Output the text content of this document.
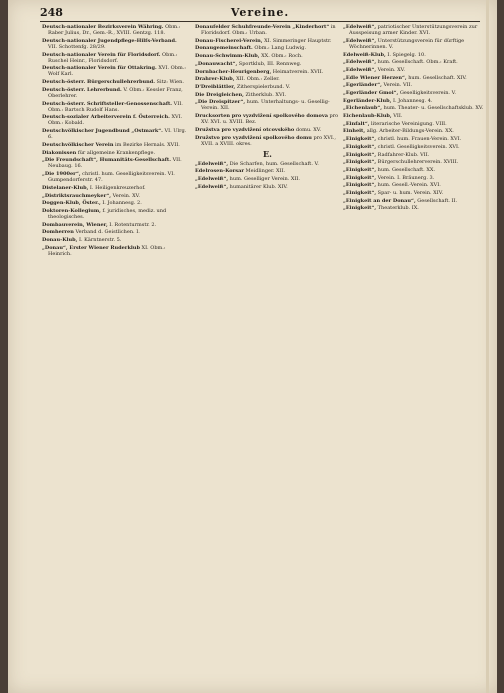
Vereine.
248
Deutsch-nationaler Bezirksverein Währing. Obm.: Raber Julius, Dr., Gem.-R., XVIII. Gentzg. 118.
Deutsch-nationaler Jugendpflege-Hilfs-Verband. VII. Schottenfg. 28/29.
Deutsch-nationaler Verein für Floridsdorf. Obm.: Ruschel Heinr., Floridsdorf.
Deutsch-nationaler Verein für Ottakring. XVI. Obm.: Wolf Karl.
Deutsch-österr. Bürgerschullehrerbund. Sitz: Wien.
Deutsch-österr. Lehrerbund. V. Obm.: Kessler Franz, Oberlehrer.
Deutsch-österr. Schriftsteller-Genossenschaft. VII. Obm.: Bartsch Rudolf Hans.
Deutsch-sozialer Arbeiterverein f. Österreich. XVI. Obm.: Kobald.
Deutschvölkischer Jugendbund „Ostmark“. VI. Ulrg. 6.
Deutschvölkischer Verein im Bezirke Hernals. XVII.
Diakonissen für allgemeine Krankenpflege.
„Die Freundschaft“, Humanitäts-Gesellschaft. VII. Neubaug. 16.
„Die 1900er“, christl. hum. Geselligkeitsverein. VI. Gumpendorferstr. 47.
Distelaner-Klub, I. Heiligenkreuzerhof.
„Distriktsrauchmeyker“, Verein. XV.
Doggen-Klub, Öster., I. Johannesg. 2.
Doktoren-Kollegium, f. juridisches, mediz. und theologisches.
Dombauverein, Wiener, I. Rotenturmstr. 2.
Domherren Verband d. Geistlichen. I.
Donau-Klub, I. Kärntnerstr. 5.
„Donau“, Erster Wiener Ruderklub XI. Obm.: Heinrich.
Donaufelder Schuhfreunde-Verein „Kinderhort“ in Floridsdorf. Obm.: Urban.
Donau-Fischerei-Verein, XI. Simmeringer Hauptstr.
Donaugemeinschaft. Obm.: Lang Ludwig.
Donau-Schwimm-Klub, XX. Obm.: Roch.
„Donauwacht“, Sportklub, III. Rennweg.
Dornbacher-Heurigenberg, Heimatverein. XVII.
Drahrer-Klub, XII. Obm.: Zeller.
D'Dreiblättler, Zitherspielerbund. V.
Die Dreigleichen, Zitherklub. XVI.
„Die Dreispitzer“, hum. Unterhaltungs- u. Gesellig-Verein. XII.
Drucksorten pro vyzdvižení spolkového domova pro XV. XVI. u. XVIII. Bez.
Družstva pro vyzdvižení otcovského domu. XV.
Družstvo pro vyzdvižení spolkového domu pro XVI., XVII. a XVIII. okres.
E.
„Edelweiß“, Die Scharfen, hum. Gesellschaft. V.
Edelrosen-Korsar Meidlinger. XII.
„Edelweiß“, hum. Geselliger Verein. XII.
„Edelweiß“, humanitärer Klub. XIV.
„Edelweiß“, patriotischer Unterstützungsverein zur Ausspeisung armer Kinder. XVI.
„Edelweiß“, Unterstützungsverein für dürftige Wöchnerinnen. V.
Edelweiß-Klub, I. Spiegelg. 10.
„Edelweiß“, hum. Gesellschaft. Obm.: Kraft.
„Edelweiß“, Verein. XV.
„Edle Wiener Herzen“, hum. Gesellschaft. XIV.
„Egerländer“, Verein. VII.
„Egerländer Gmoi“, Geselligkeitsverein. V.
Egerländer-Klub, I. Johannesg. 4.
„Eichenlaub“, hum. Theater- u. Gesellschaftsklub. XV.
Eichenlaub-Klub, VII.
„Einfalt“, literarische Vereinigung. VIII.
Einheit, allg. Arbeiter-Bildungs-Verein. XX.
„Einigkeit“, christl. hum. Frauen-Verein. XVI.
„Einigkeit“, christl. Geselligkeitsverein. XVI.
„Einigkeit“, Radfahrer-Klub. VII.
„Einigkeit“, Bürgerschullehrerverein. XVIII.
„Einigkeit“, hum. Gesellschaft. XX.
„Einigkeit“, Verein. I. Bräunerg. 3.
„Einigkeit“, hum. Gesell.-Verein. XVI.
„Einigkeit“, Spar- u. hum. Verein. XIV.
„Einigkeit an der Donau“, Gesellschaft. II.
„Einigkeit“, Theaterklub. IX.
